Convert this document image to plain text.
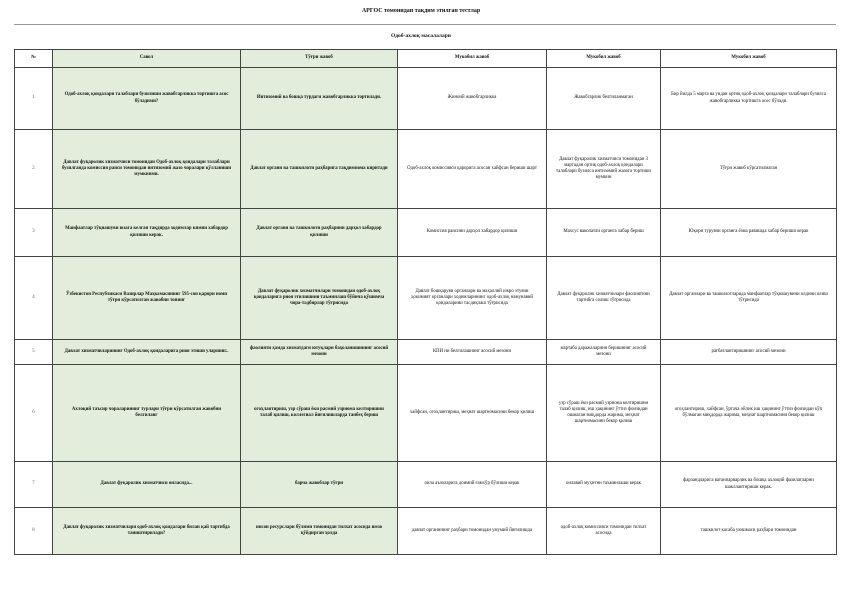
АРГОС томонидан тақдим этилган тестлар
Одоб-ахлоқ масалалари
№	Савол	Тўғри жавоб	Мукобил жавоб	Мукобил жавоб	Мукобил жавоб
1	Одоб-ахлоқ қоидалари талаблари бузилиши жавобгарликка тортишга асос бўладими?	Интизомий ва бошқа турдаги жавобгарликка тортилади.	Жиноий жавобгарликка	Жавобгарлик белгиланмаган	Бир йилда 5 марта ва ундан ортиқ одоб-ахлоқ қоидалари талаблари бузилса жавобгарликка тортишга асос бўлади.
2	Давлат фуқаролик хизматчиси томонидан Одоб-ахлоқ қоидалари талаблари бузилганда комиссия раиси томонидан интизомий жазо чоралари қўлланиши мумкинми.	Давлат органи ва ташкилоти раҳбарига тақдимнома киритади	Одоб-ахлоқ комиссияси қарорига асосан хайфсан бериши шарт	Давлат фуқаролик хизматчиси томонидан 3 мартадан ортиқ одоб-ахлоқ қоидалари талаблари бузилса интизомий жазога тортиши мумкин	Тўғри жавоб кўрсатилмаган
3	Манфаатлар тўқнашуви юзага келган тақдирда ходимлар кимни хабардор қилиши керак.	Давлат органи ва ташкилоти раҳбарини дарҳол хабардор қилиши	Комиссия раисини дарҳол хабардор қилиши	Махсус ваколатли органга хабар бериш	Юқори турувчи органга ёзма равишда хабар бериши керак
4	Ўзбекистон Республикаси Вазирлар Маҳкамасининг 595-сон қарори номи тўғри кўрсатилган жавобни топинг	Давлат фуқаролик хизматчилари томонидан одоб-ахлоқ қоидаларига риоя этилишини таъминлаш бўйича қўшимча чора-тадбирлар тўғрисида	Давлат бошқаруви органлари ва маҳаллий ижро этувчи ҳокимият органлари ходимларининг одоб-ахлоқ намунавий қоидаларини тасдиқлаш тўғрисида	Давлат фуқаролик хизматчилари фаолиятини тартибга солиш тўғрисида	Давлат органлари ва ташкилотларида манфаатлар тўқнашувини олдини олиш тўғрисида
5	Давлат хизматчиларининг Одоб-ахлоқ қоидаларига риоя этиши уларнинг..	фаолияти ҳамда хизматдаги ютуқлари баҳоланишининг асосий мезони	КПИ ни белгилашнинг асосий мезони	мартаба даражаларини беришнинг асосий мезони	рағбатлантиришнинг асосий мезони
6	Ахлоқий таъсир чораларининг турлари тўғри кўрсатилган жавобни белгиланг	огоҳлантириш, узр сўраш ёки расмий узрнома келтиришни талаб қилиш, коллегиал йиғилишларда танбеҳ бериш	хайфсан, огоҳлантириш, меҳнат шартномасини бекор қилиш	узр сўраш ёки расмий узрнома келтиришни талаб қилиш, иш ҳақининг ўттиз фоизидан ошмаган миқдорда жарима, меҳнат шартномасини бекор қилиш	огоҳлантириш, хайфсан, ўртача ойлик иш ҳақининг ўттиз фоизидан кўп бўлмаган миқдорда жарима, меҳнат шартномасини бекор қилиш
7	Давлат фуқаролик хизматчиси оиласида...	барча жавоблар тўғри	оила аъзоларига доимий ғамхўр бўлиши керак	оилавий муҳитни таъминлаши керак	фарзандларига ватанпарварлик ва бошқа ахлоқий фазилатларни шакллантириши керак.
8	Давлат фуқаролик хизматчилари одоб-ахлоқ қоидалари билан қай тартибда таништирилади?	инсон ресурслари бўлими томонидан тилхат асосида имзо қўйдирган ҳолда	давлат органининг раҳбари томонидан умумий йиғилишда	одоб-ахлоқ комиссияси томонидан тилхат асосида	ташкилот касаба уюшмаси раҳбари томонидан
